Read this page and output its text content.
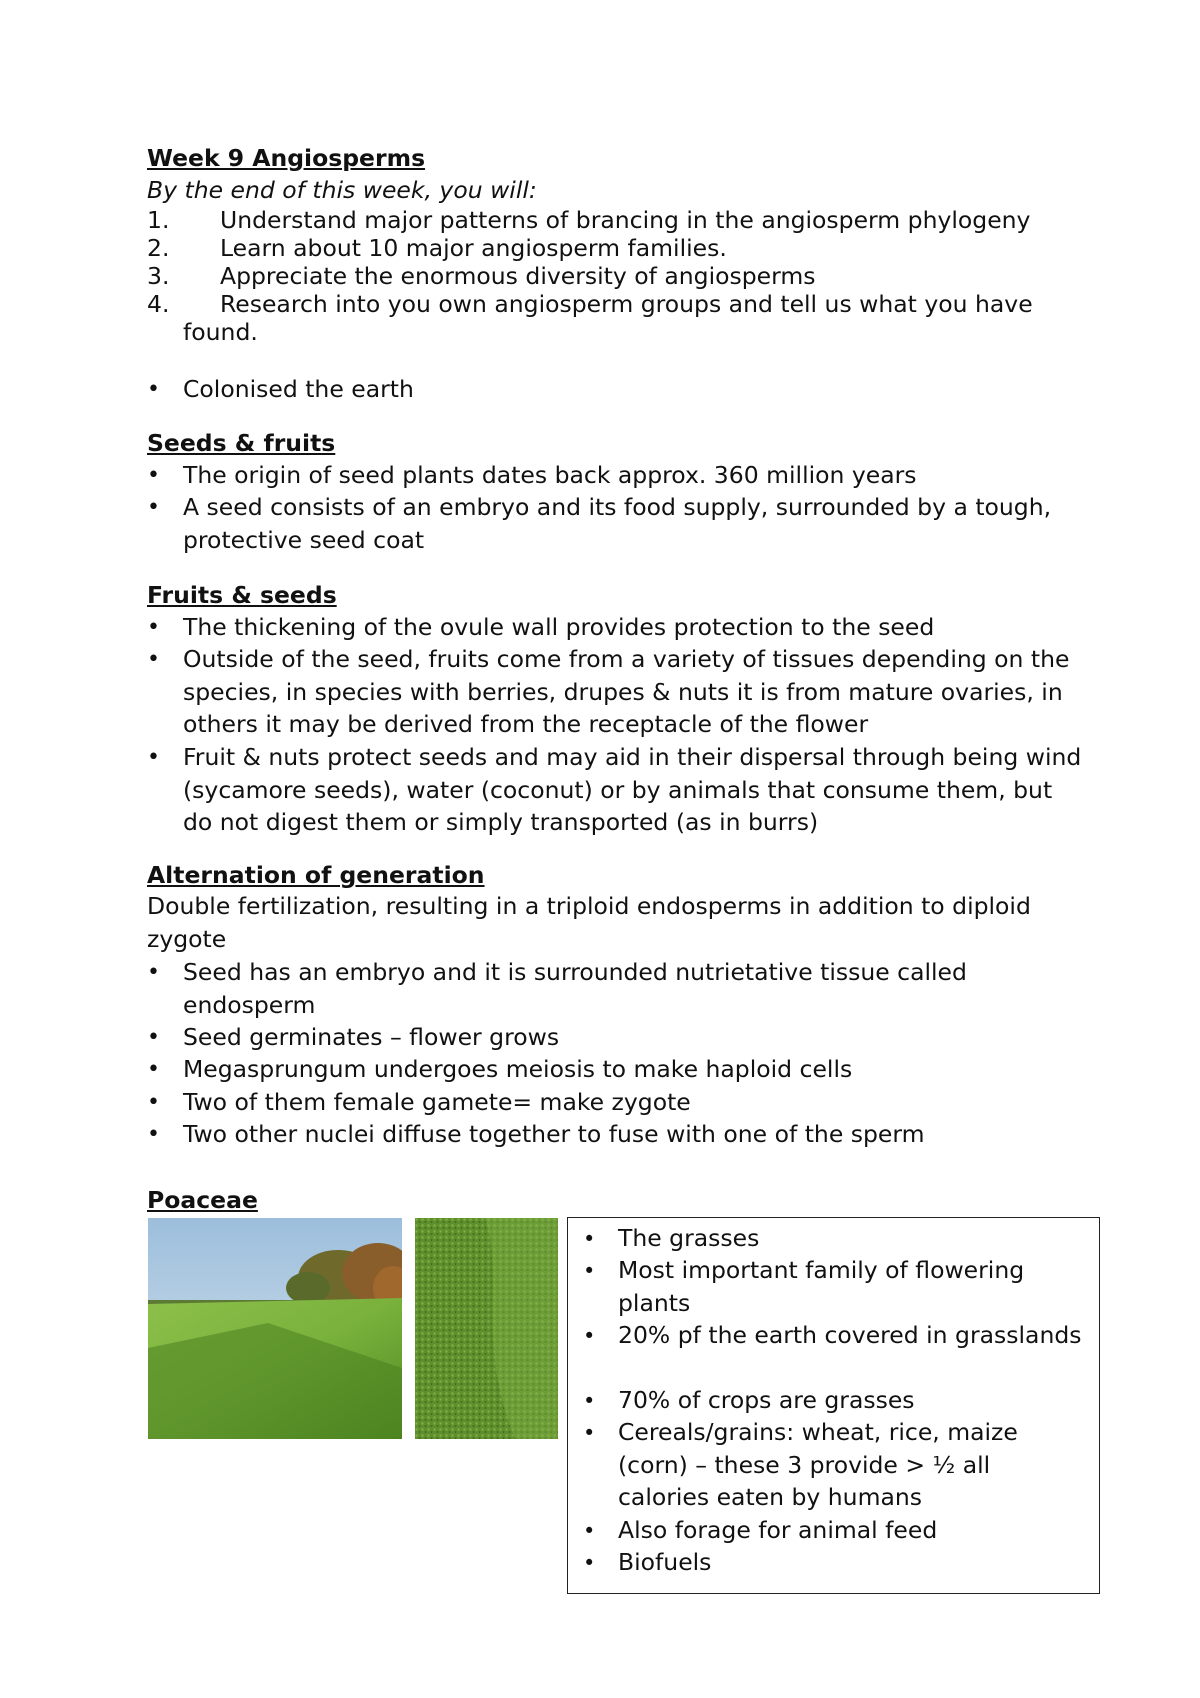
Week 9 Angiosperms
By the end of this week, you will:
1. Understand major patterns of brancing in the angiosperm phylogeny
2. Learn about 10 major angiosperm families.
3. Appreciate the enormous diversity of angiosperms
4. Research into you own angiosperm groups and tell us what you have
found.
• Colonised the earth
Seeds & fruits
• The origin of seed plants dates back approx. 360 million years
• A seed consists of an embryo and its food supply, surrounded by a tough, protective seed coat
Fruits & seeds
• The thickening of the ovule wall provides protection to the seed
• Outside of the seed, fruits come from a variety of tissues depending on the species, in species with berries, drupes & nuts it is from mature ovaries, in others it may be derived from the receptacle of the flower
• Fruit & nuts protect seeds and may aid in their dispersal through being wind (sycamore seeds), water (coconut) or by animals that consume them, but do not digest them or simply transported (as in burrs)
Alternation of generation
Double fertilization, resulting in a triploid endosperms in addition to diploid zygote
• Seed has an embryo and it is surrounded nutrietative tissue called endosperm
• Seed germinates – flower grows
• Megasprungum undergoes meiosis to make haploid cells
• Two of them female gamete= make zygote
• Two other nuclei diffuse together to fuse with one of the sperm
Poaceae
• The grasses
• Most important family of flowering plants
• 20% pf the earth covered in grasslands
• 70% of crops are grasses
• Cereals/grains: wheat, rice, maize (corn) – these 3 provide > ½ all calories eaten by humans
• Also forage for animal feed
• Biofuels
